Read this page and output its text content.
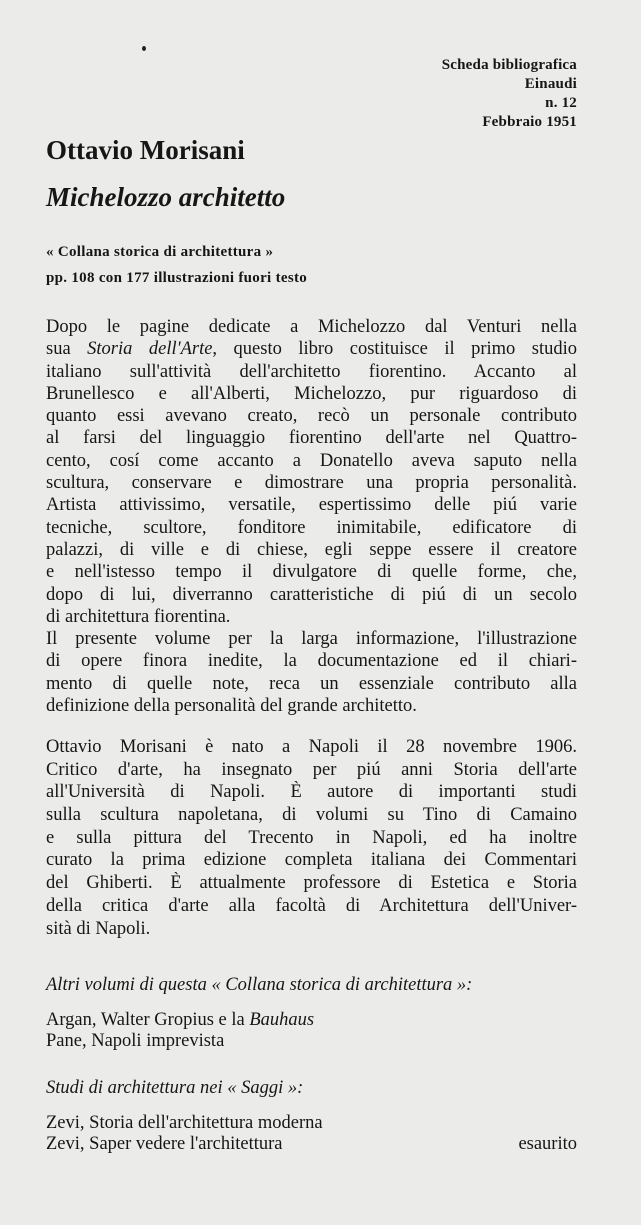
Scheda bibliografica
Einaudi
n. 12
Febbraio 1951
Ottavio Morisani
Michelozzo architetto
« Collana storica di architettura »
pp. 108 con 177 illustrazioni fuori testo
Dopo le pagine dedicate a Michelozzo dal Venturi nella
sua Storia dell'Arte, questo libro costituisce il primo studio
italiano sull'attività dell'architetto fiorentino. Accanto al
Brunellesco e all'Alberti, Michelozzo, pur riguardoso di
quanto essi avevano creato, recò un personale contributo
al farsi del linguaggio fiorentino dell'arte nel Quattro-
cento, cosí come accanto a Donatello aveva saputo nella
scultura, conservare e dimostrare una propria personalità.
Artista attivissimo, versatile, espertissimo delle piú varie
tecniche, scultore, fonditore inimitabile, edificatore di
palazzi, di ville e di chiese, egli seppe essere il creatore
e nell'istesso tempo il divulgatore di quelle forme, che,
dopo di lui, diverranno caratteristiche di piú di un secolo
di architettura fiorentina.
Il presente volume per la larga informazione, l'illustrazione
di opere finora inedite, la documentazione ed il chiari-
mento di quelle note, reca un essenziale contributo alla
definizione della personalità del grande architetto.
Ottavio Morisani è nato a Napoli il 28 novembre 1906.
Critico d'arte, ha insegnato per piú anni Storia dell'arte
all'Università di Napoli. È autore di importanti studi
sulla scultura napoletana, di volumi su Tino di Camaino
e sulla pittura del Trecento in Napoli, ed ha inoltre
curato la prima edizione completa italiana dei Commentari
del Ghiberti. È attualmente professore di Estetica e Storia
della critica d'arte alla facoltà di Architettura dell'Univer-
sità di Napoli.
Altri volumi di questa « Collana storica di architettura »:
Argan, Walter Gropius e la Bauhaus
Pane, Napoli imprevista
Studi di architettura nei « Saggi »:
Zevi, Storia dell'architettura moderna
Zevi, Saper vedere l'architettura	esaurito
